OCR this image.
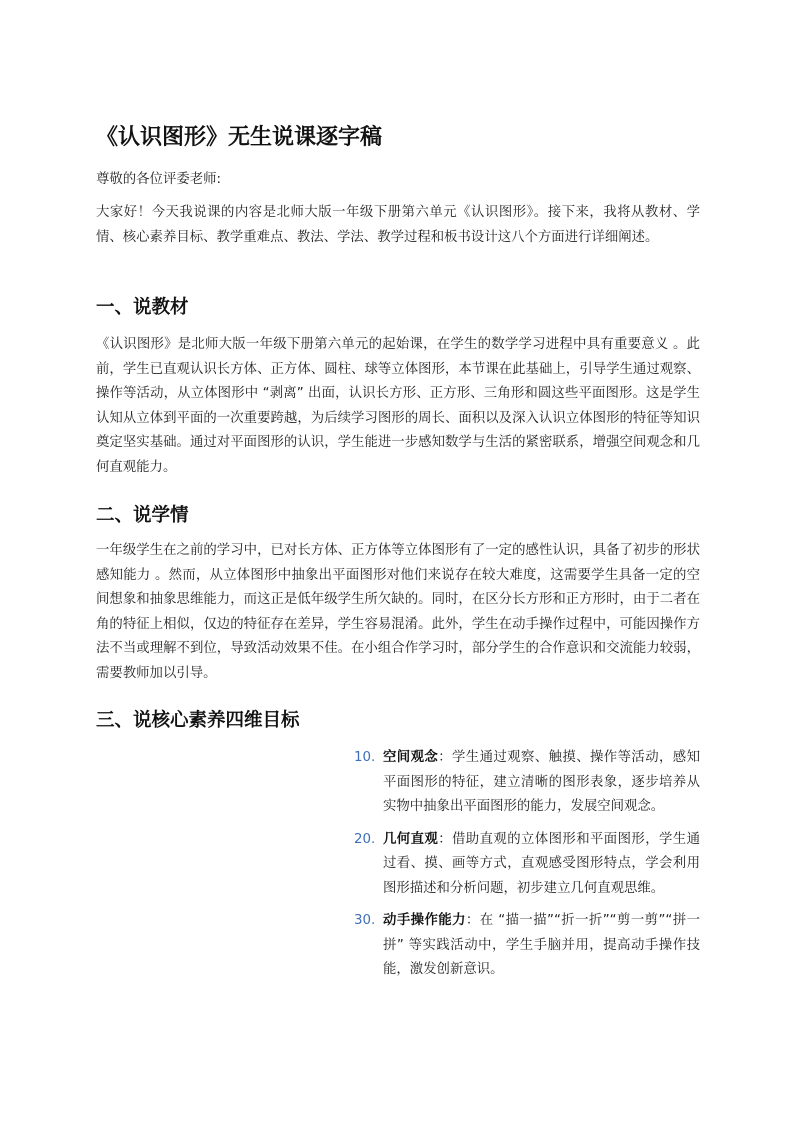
《认识图形》无生说课逐字稿

尊敬的各位评委老师:

大家好！今天我说课的内容是北师大版一年级下册第六单元《认识图形》。接下来，我将从教材、学情、核心素养目标、教学重难点、教法、学法、教学过程和板书设计这八个方面进行详细阐述。

一、说教材

《认识图形》是北师大版一年级下册第六单元的起始课，在学生的数学学习进程中具有重要意义 。此前，学生已直观认识长方体、正方体、圆柱、球等立体图形，本节课在此基础上，引导学生通过观察、操作等活动，从立体图形中 “剥离” 出面，认识长方形、正方形、三角形和圆这些平面图形。这是学生认知从立体到平面的一次重要跨越，为后续学习图形的周长、面积以及深入认识立体图形的特征等知识奠定坚实基础。通过对平面图形的认识，学生能进一步感知数学与生活的紧密联系，增强空间观念和几何直观能力。

二、说学情

一年级学生在之前的学习中，已对长方体、正方体等立体图形有了一定的感性认识，具备了初步的形状感知能力 。然而，从立体图形中抽象出平面图形对他们来说存在较大难度，这需要学生具备一定的空间想象和抽象思维能力，而这正是低年级学生所欠缺的。同时，在区分长方形和正方形时，由于二者在角的特征上相似，仅边的特征存在差异，学生容易混淆。此外，学生在动手操作过程中，可能因操作方法不当或理解不到位，导致活动效果不佳。在小组合作学习时，部分学生的合作意识和交流能力较弱，需要教师加以引导。

三、说核心素养四维目标
10. 空间观念：学生通过观察、触摸、操作等活动，感知平面图形的特征，建立清晰的图形表象，逐步培养从实物中抽象出平面图形的能力，发展空间观念。
20. 几何直观：借助直观的立体图形和平面图形，学生通过看、摸、画等方式，直观感受图形特点，学会利用图形描述和分析问题，初步建立几何直观思维。
30. 动手操作能力：在 “描一描”“折一折”“剪一剪”“拼一拼” 等实践活动中，学生手脑并用，提高动手操作技能，激发创新意识。
